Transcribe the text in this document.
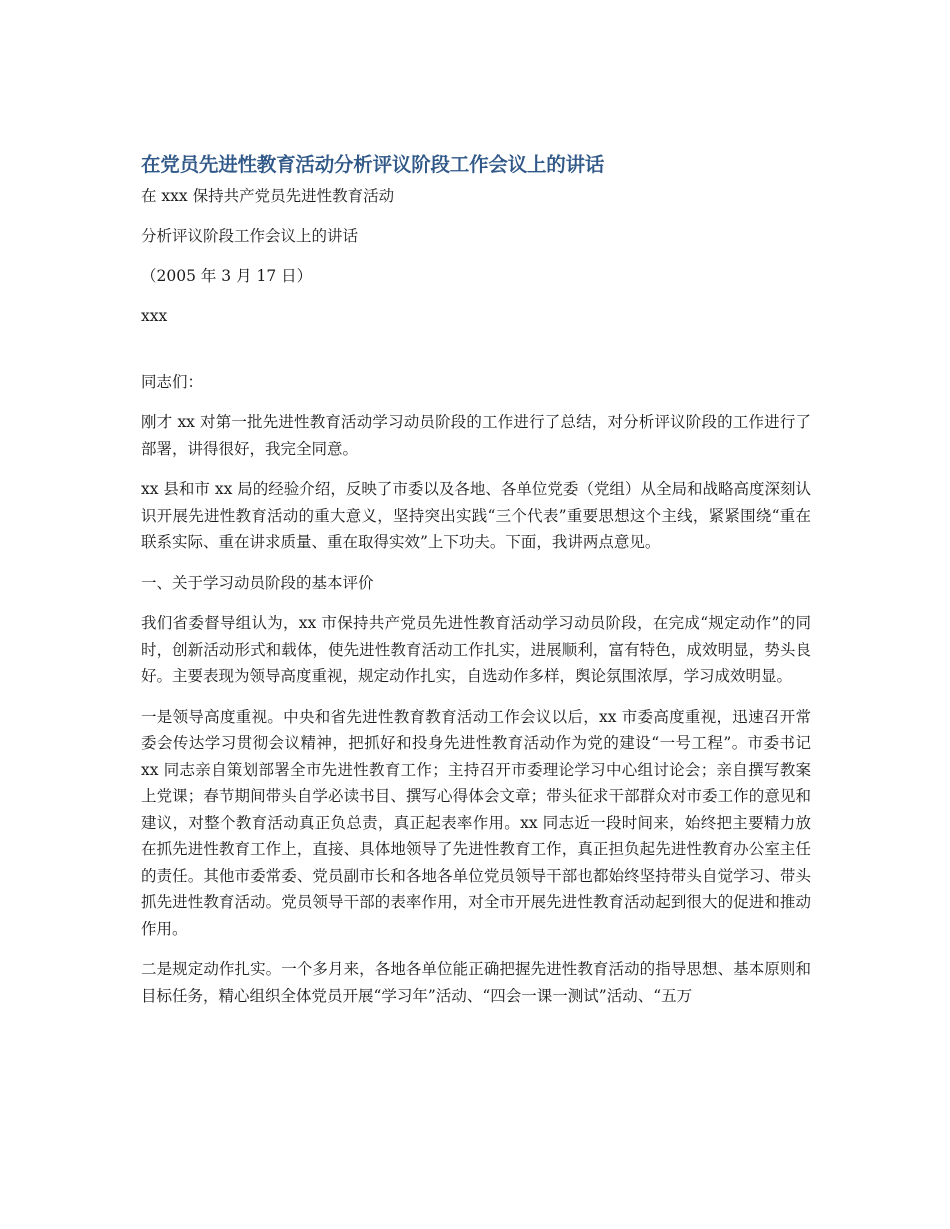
在党员先进性教育活动分析评议阶段工作会议上的讲话

在 xxx 保持共产党员先进性教育活动

分析评议阶段工作会议上的讲话

（2005 年 3 月 17 日）

xxx

同志们：

刚才 xx 对第一批先进性教育活动学习动员阶段的工作进行了总结，对分析评议阶段的工作进行了部署，讲得很好，我完全同意。

xx 县和市 xx 局的经验介绍，反映了市委以及各地、各单位党委（党组）从全局和战略高度深刻认识开展先进性教育活动的重大意义，坚持突出实践“三个代表”重要思想这个主线，紧紧围绕“重在联系实际、重在讲求质量、重在取得实效”上下功夫。下面，我讲两点意见。

一、关于学习动员阶段的基本评价

我们省委督导组认为，xx 市保持共产党员先进性教育活动学习动员阶段，在完成“规定动作”的同时，创新活动形式和载体，使先进性教育活动工作扎实，进展顺利，富有特色，成效明显，势头良好。主要表现为领导高度重视，规定动作扎实，自选动作多样，舆论氛围浓厚，学习成效明显。

一是领导高度重视。中央和省先进性教育教育活动工作会议以后，xx 市委高度重视，迅速召开常委会传达学习贯彻会议精神，把抓好和投身先进性教育活动作为党的建设“一号工程”。市委书记 xx 同志亲自策划部署全市先进性教育工作；主持召开市委理论学习中心组讨论会；亲自撰写教案上党课；春节期间带头自学必读书目、撰写心得体会文章；带头征求干部群众对市委工作的意见和建议，对整个教育活动真正负总责，真正起表率作用。xx 同志近一段时间来，始终把主要精力放在抓先进性教育工作上，直接、具体地领导了先进性教育工作，真正担负起先进性教育办公室主任的责任。其他市委常委、党员副市长和各地各单位党员领导干部也都始终坚持带头自觉学习、带头抓先进性教育活动。党员领导干部的表率作用，对全市开展先进性教育活动起到很大的促进和推动作用。

二是规定动作扎实。一个多月来，各地各单位能正确把握先进性教育活动的指导思想、基本原则和目标任务，精心组织全体党员开展“学习年”活动、“四会一课一测试”活动、“五万
